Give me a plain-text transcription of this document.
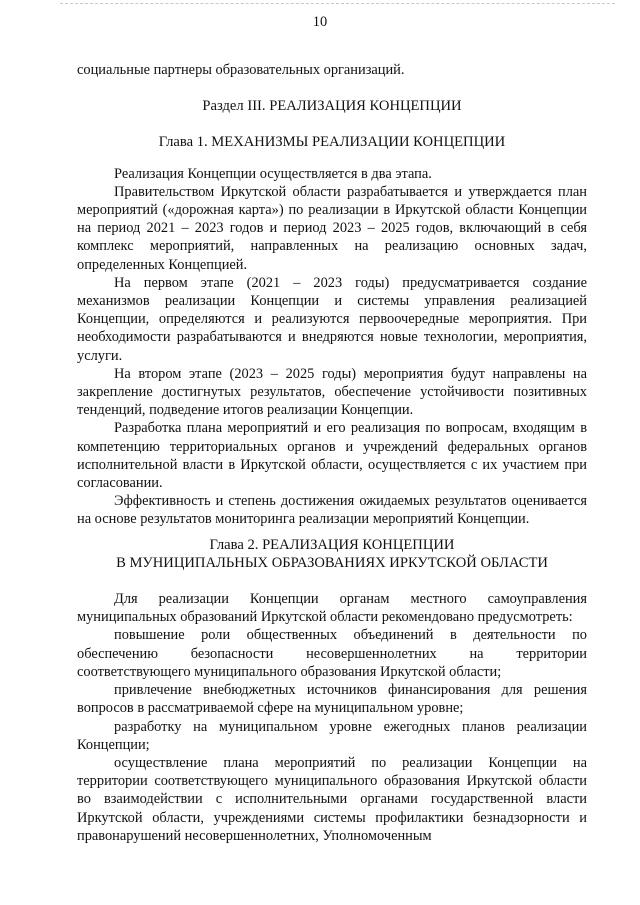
10

социальные партнеры образовательных организаций.

Раздел III. РЕАЛИЗАЦИЯ КОНЦЕПЦИИ

Глава 1. МЕХАНИЗМЫ РЕАЛИЗАЦИИ КОНЦЕПЦИИ

Реализация Концепции осуществляется в два этапа.

Правительством Иркутской области разрабатывается и утверждается план мероприятий («дорожная карта») по реализации в Иркутской области Концепции на период 2021 – 2023 годов и период 2023 – 2025 годов, включающий в себя комплекс мероприятий, направленных на реализацию основных задач, определенных Концепцией.

На первом этапе (2021 – 2023 годы) предусматривается создание механизмов реализации Концепции и системы управления реализацией Концепции, определяются и реализуются первоочередные мероприятия. При необходимости разрабатываются и внедряются новые технологии, мероприятия, услуги.

На втором этапе (2023 – 2025 годы) мероприятия будут направлены на закрепление достигнутых результатов, обеспечение устойчивости позитивных тенденций, подведение итогов реализации Концепции.

Разработка плана мероприятий и его реализация по вопросам, входящим в компетенцию территориальных органов и учреждений федеральных органов исполнительной власти в Иркутской области, осуществляется с их участием при согласовании.

Эффективность и степень достижения ожидаемых результатов оценивается на основе результатов мониторинга реализации мероприятий Концепции.

Глава 2. РЕАЛИЗАЦИЯ КОНЦЕПЦИИ

В МУНИЦИПАЛЬНЫХ ОБРАЗОВАНИЯХ ИРКУТСКОЙ ОБЛАСТИ

Для реализации Концепции органам местного самоуправления муниципальных образований Иркутской области рекомендовано предусмотреть:

повышение роли общественных объединений в деятельности по обеспечению безопасности несовершеннолетних на территории соответствующего муниципального образования Иркутской области;

привлечение внебюджетных источников финансирования для решения вопросов в рассматриваемой сфере на муниципальном уровне;

разработку на муниципальном уровне ежегодных планов реализации Концепции;

осуществление плана мероприятий по реализации Концепции на территории соответствующего муниципального образования Иркутской области во взаимодействии с исполнительными органами государственной власти Иркутской области, учреждениями системы профилактики безнадзорности и правонарушений несовершеннолетних, Уполномоченным
